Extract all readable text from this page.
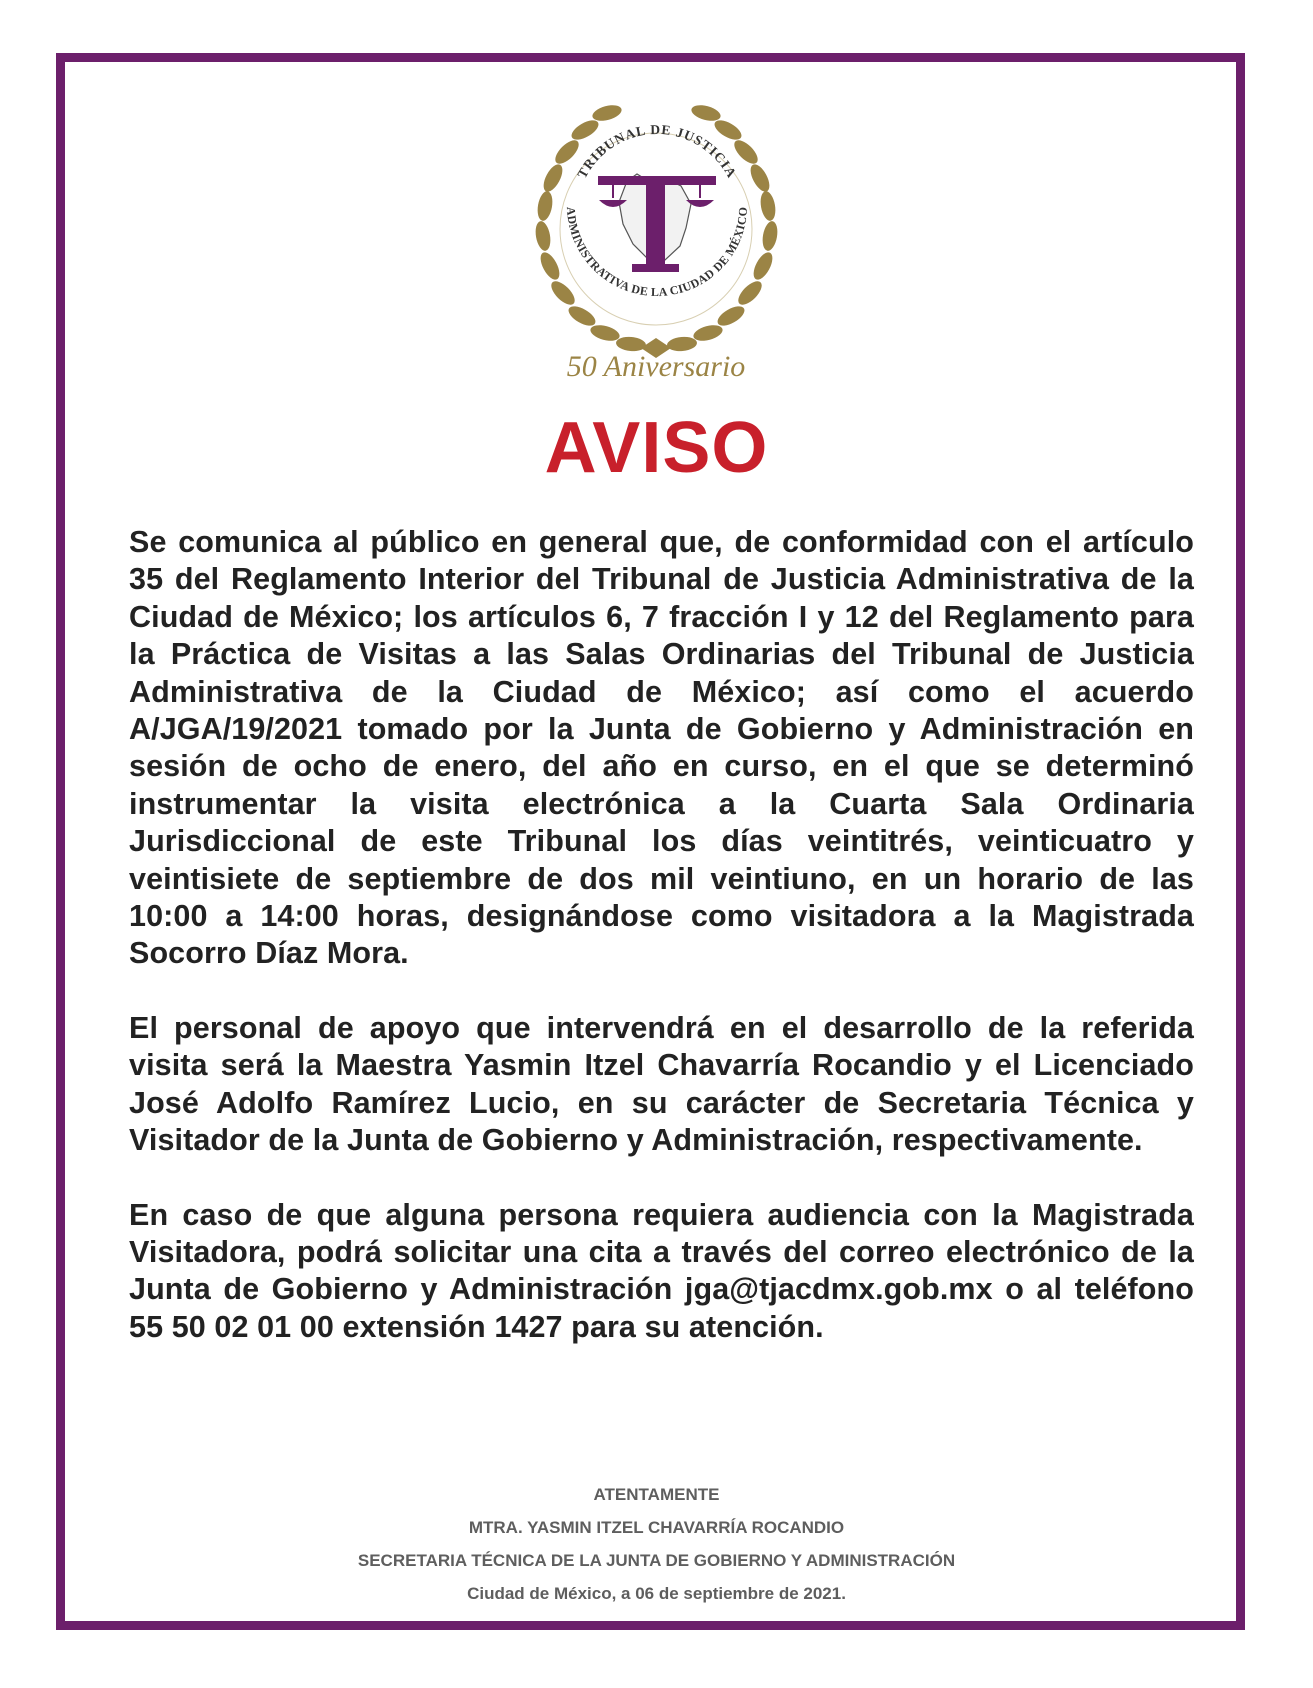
TRIBUNAL DE JUSTICIA
ADMINISTRATIVA DE LA CIUDAD DE MÉXICO
50 Aniversario
AVISO

Se comunica al público en general que, de conformidad con el artículo 35 del Reglamento Interior del Tribunal de Justicia Administrativa de la Ciudad de México; los artículos 6, 7 fracción I y 12 del Reglamento para la Práctica de Visitas a las Salas Ordinarias del Tribunal de Justicia Administrativa de la Ciudad de México; así como el acuerdo A/JGA/19/2021 tomado por la Junta de Gobierno y Administración en sesión de ocho de enero, del año en curso, en el que se determinó instrumentar la visita electrónica a la Cuarta Sala Ordinaria Jurisdiccional de este Tribunal los días veintitrés, veinticuatro y veintisiete de septiembre de dos mil veintiuno, en un horario de las 10:00 a 14:00 horas, designándose como visitadora a la Magistrada Socorro Díaz Mora.

El personal de apoyo que intervendrá en el desarrollo de la referida visita será la Maestra Yasmin Itzel Chavarría Rocandio y el Licenciado José Adolfo Ramírez Lucio, en su carácter de Secretaria Técnica y Visitador de la Junta de Gobierno y Administración, respectivamente.

En caso de que alguna persona requiera audiencia con la Magistrada Visitadora, podrá solicitar una cita a través del correo electrónico de la Junta de Gobierno y Administración jga@tjacdmx.gob.mx o al teléfono 55 50 02 01 00 extensión 1427 para su atención.

ATENTAMENTE
MTRA. YASMIN ITZEL CHAVARRÍA ROCANDIO
SECRETARIA TÉCNICA DE LA JUNTA DE GOBIERNO Y ADMINISTRACIÓN
Ciudad de México, a 06 de septiembre de 2021.
